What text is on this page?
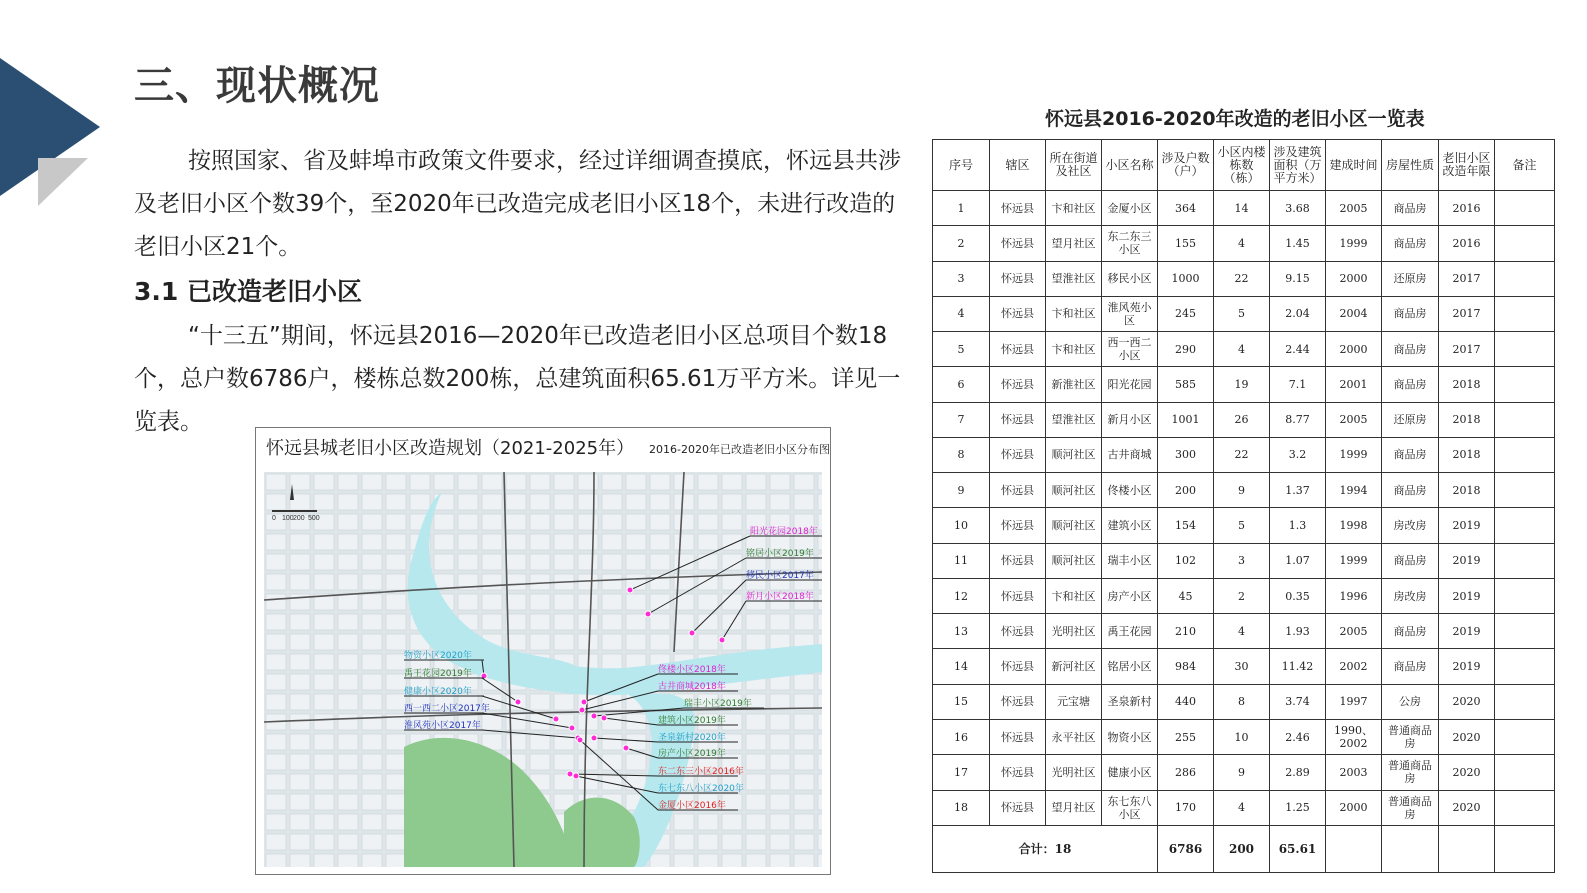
三、现状概况

按照国家、省及蚌埠市政策文件要求，经过详细调查摸底，怀远县共涉及老旧小区个数39个，至2020年已改造完成老旧小区18个，未进行改造的老旧小区21个。

3.1 已改造老旧小区

“十三五”期间，怀远县2016—2020年已改造老旧小区总项目个数18个，总户数6786户，楼栋总数200栋，总建筑面积65.61万平方米。详见一览表。

怀远县城老旧小区改造规划（2021-2025年） 2016-2020年已改造老旧小区分布图
0 100 200 500
阳光花园2018年
铭居小区2019年
移民小区2017年
新月小区2018年
物资小区2020年
禹王花园2019年
健康小区2020年
西一西二小区2017年
淮风苑小区2017年
佟楼小区2018年
古井商城2018年
瑞丰小区2019年
建筑小区2019年
圣泉新村2020年
房产小区2019年
东二东三小区2016年
东七东八小区2020年
金厦小区2016年
怀远县2016-2020年改造的老旧小区一览表
序号	辖区	所在街道及社区	小区名称	涉及户数（户）	小区内楼栋数（栋）	涉及建筑面积（万平方米）	建成时间	房屋性质	老旧小区改造年限	备注
1	怀远县	卞和社区	金厦小区	364	14	3.68	2005	商品房	2016	
2	怀远县	望月社区	东二东三小区	155	4	1.45	1999	商品房	2016	
3	怀远县	望淮社区	移民小区	1000	22	9.15	2000	还原房	2017	
4	怀远县	卞和社区	淮风苑小区	245	5	2.04	2004	商品房	2017	
5	怀远县	卞和社区	西一西二小区	290	4	2.44	2000	商品房	2017	
6	怀远县	新淮社区	阳光花园	585	19	7.1	2001	商品房	2018	
7	怀远县	望淮社区	新月小区	1001	26	8.77	2005	还原房	2018	
8	怀远县	顺河社区	古井商城	300	22	3.2	1999	商品房	2018	
9	怀远县	顺河社区	佟楼小区	200	9	1.37	1994	商品房	2018	
10	怀远县	顺河社区	建筑小区	154	5	1.3	1998	房改房	2019	
11	怀远县	顺河社区	瑞丰小区	102	3	1.07	1999	商品房	2019	
12	怀远县	卞和社区	房产小区	45	2	0.35	1996	房改房	2019	
13	怀远县	光明社区	禹王花园	210	4	1.93	2005	商品房	2019	
14	怀远县	新河社区	铭居小区	984	30	11.42	2002	商品房	2019	
15	怀远县	元宝塘	圣泉新村	440	8	3.74	1997	公房	2020	
16	怀远县	永平社区	物资小区	255	10	2.46	1990、2002	普通商品房	2020	
17	怀远县	光明社区	健康小区	286	9	2.89	2003	普通商品房	2020	
18	怀远县	望月社区	东七东八小区	170	4	1.25	2000	普通商品房	2020	
合计：18				6786	200	65.61				
